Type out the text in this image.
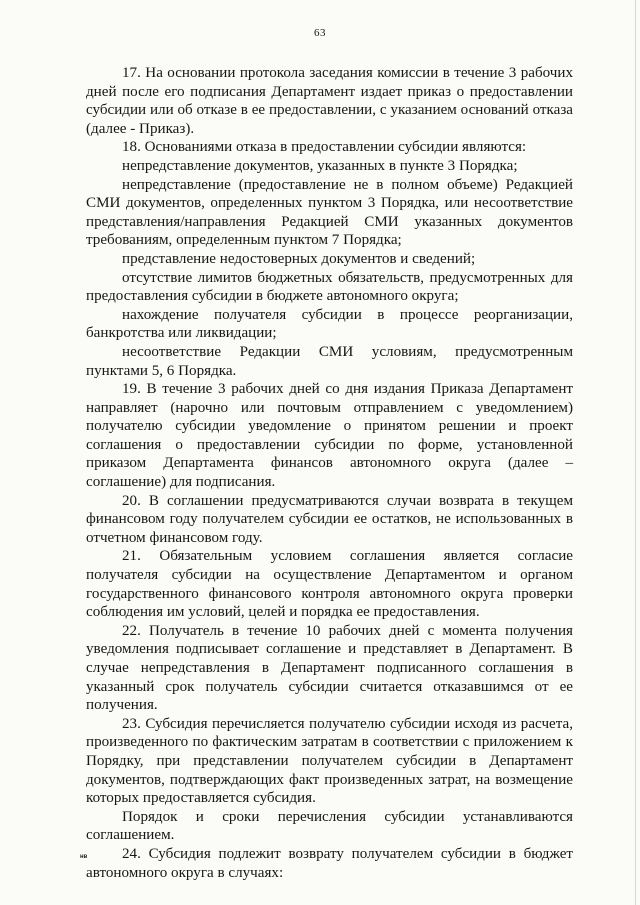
63

17. На основании протокола заседания комиссии в течение 3 рабочих дней после его подписания Департамент издает приказ о предоставлении субсидии или об отказе в ее предоставлении, с указанием оснований отказа (далее - Приказ).

18. Основаниями отказа в предоставлении субсидии являются:

непредставление документов, указанных в пункте 3 Порядка;

непредставление (предоставление не в полном объеме) Редакцией СМИ документов, определенных пунктом 3 Порядка, или несоответствие представления/направления Редакцией СМИ указанных документов требованиям, определенным пунктом 7 Порядка;

представление недостоверных документов и сведений;

отсутствие лимитов бюджетных обязательств, предусмотренных для предоставления субсидии в бюджете автономного округа;

нахождение получателя субсидии в процессе реорганизации, банкротства или ликвидации;

несоответствие Редакции СМИ условиям, предусмотренным пунктами 5, 6 Порядка.

19. В течение 3 рабочих дней со дня издания Приказа Департамент направляет (нарочно или почтовым отправлением с уведомлением) получателю субсидии уведомление о принятом решении и проект соглашения о предоставлении субсидии по форме, установленной приказом Департамента финансов автономного округа (далее – соглашение) для подписания.

20. В соглашении предусматриваются случаи возврата в текущем финансовом году получателем субсидии ее остатков, не использованных в отчетном финансовом году.

21. Обязательным условием соглашения является согласие получателя субсидии на осуществление Департаментом и органом государственного финансового контроля автономного округа проверки соблюдения им условий, целей и порядка ее предоставления.

22. Получатель в течение 10 рабочих дней с момента получения уведомления подписывает соглашение и представляет в Департамент. В случае непредставления в Департамент подписанного соглашения в указанный срок получатель субсидии считается отказавшимся от ее получения.

23. Субсидия перечисляется получателю субсидии исходя из расчета, произведенного по фактическим затратам в соответствии с приложением к Порядку, при представлении получателем субсидии в Департамент документов, подтверждающих факт произведенных затрат, на возмещение которых предоставляется субсидия.

Порядок и сроки перечисления субсидии устанавливаются соглашением.

24. Субсидия подлежит возврату получателем субсидии в бюджет автономного округа в случаях:

нв
